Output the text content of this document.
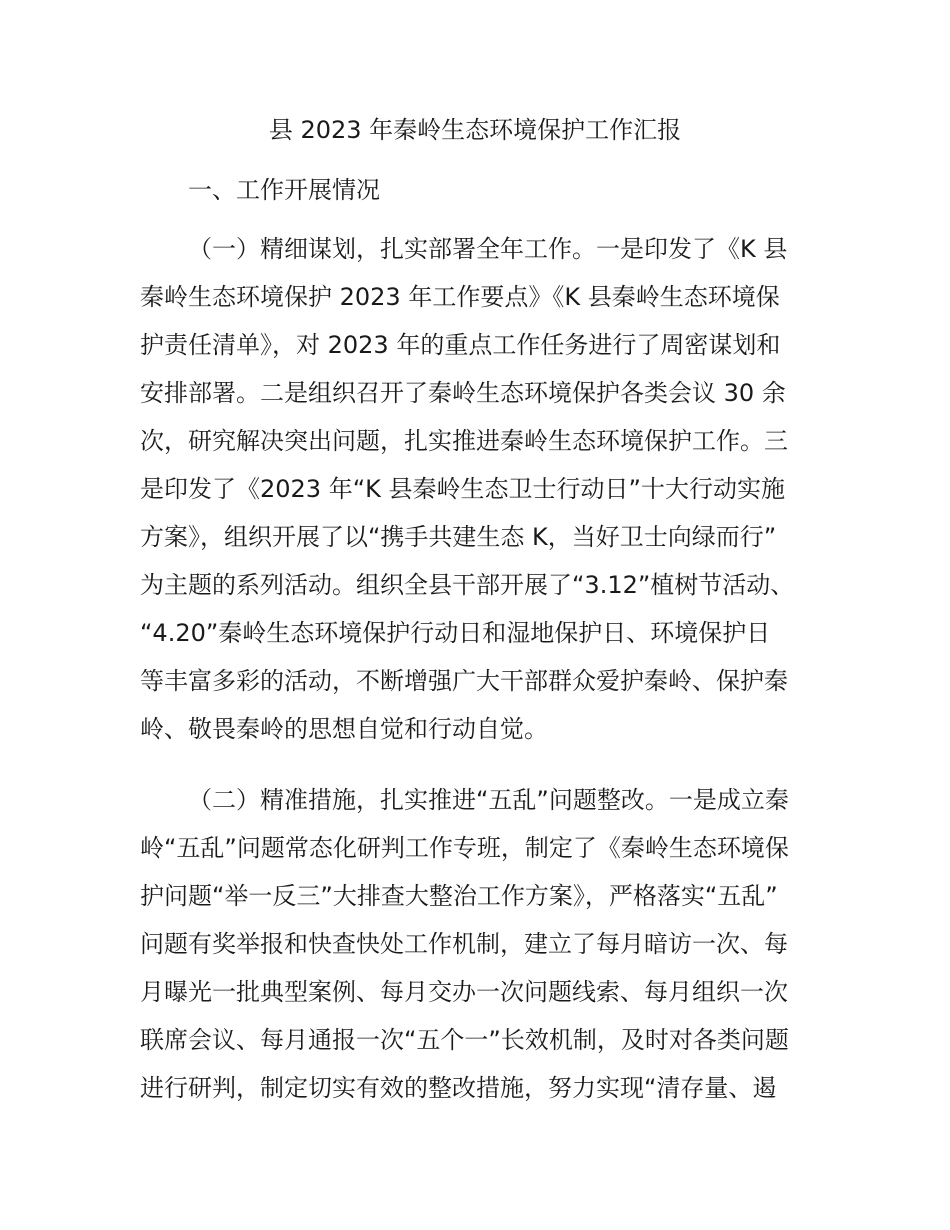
县 2023 年秦岭生态环境保护工作汇报
一、工作开展情况
（一）精细谋划，扎实部署全年工作。一是印发了《K 县
秦岭生态环境保护 2023 年工作要点》《K 县秦岭生态环境保
护责任清单》，对 2023 年的重点工作任务进行了周密谋划和
安排部署。二是组织召开了秦岭生态环境保护各类会议 30 余
次，研究解决突出问题，扎实推进秦岭生态环境保护工作。三
是印发了《2023 年“K 县秦岭生态卫士行动日”十大行动实施
方案》，组织开展了以“携手共建生态 K，当好卫士向绿而行”
为主题的系列活动。组织全县干部开展了“3.12”植树节活动、
“4.20”秦岭生态环境保护行动日和湿地保护日、环境保护日
等丰富多彩的活动，不断增强广大干部群众爱护秦岭、保护秦
岭、敬畏秦岭的思想自觉和行动自觉。
（二）精准措施，扎实推进“五乱”问题整改。一是成立秦
岭“五乱”问题常态化研判工作专班，制定了《秦岭生态环境保
护问题“举一反三”大排查大整治工作方案》，严格落实“五乱”
问题有奖举报和快查快处工作机制，建立了每月暗访一次、每
月曝光一批典型案例、每月交办一次问题线索、每月组织一次
联席会议、每月通报一次“五个一”长效机制，及时对各类问题
进行研判，制定切实有效的整改措施，努力实现“清存量、遏
